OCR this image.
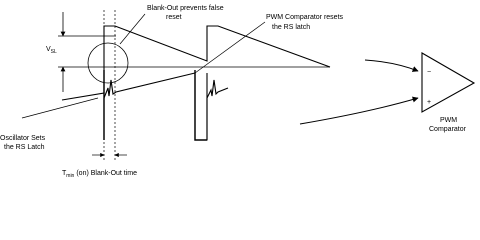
$V_{SL}$
−
+
Blank-Out prevents false
reset	PWM Comparator resets
the RS latch
Oscillator Sets
the RS Latch
$T_{min}$ (on) Blank-Out time
PWM
Comparator
